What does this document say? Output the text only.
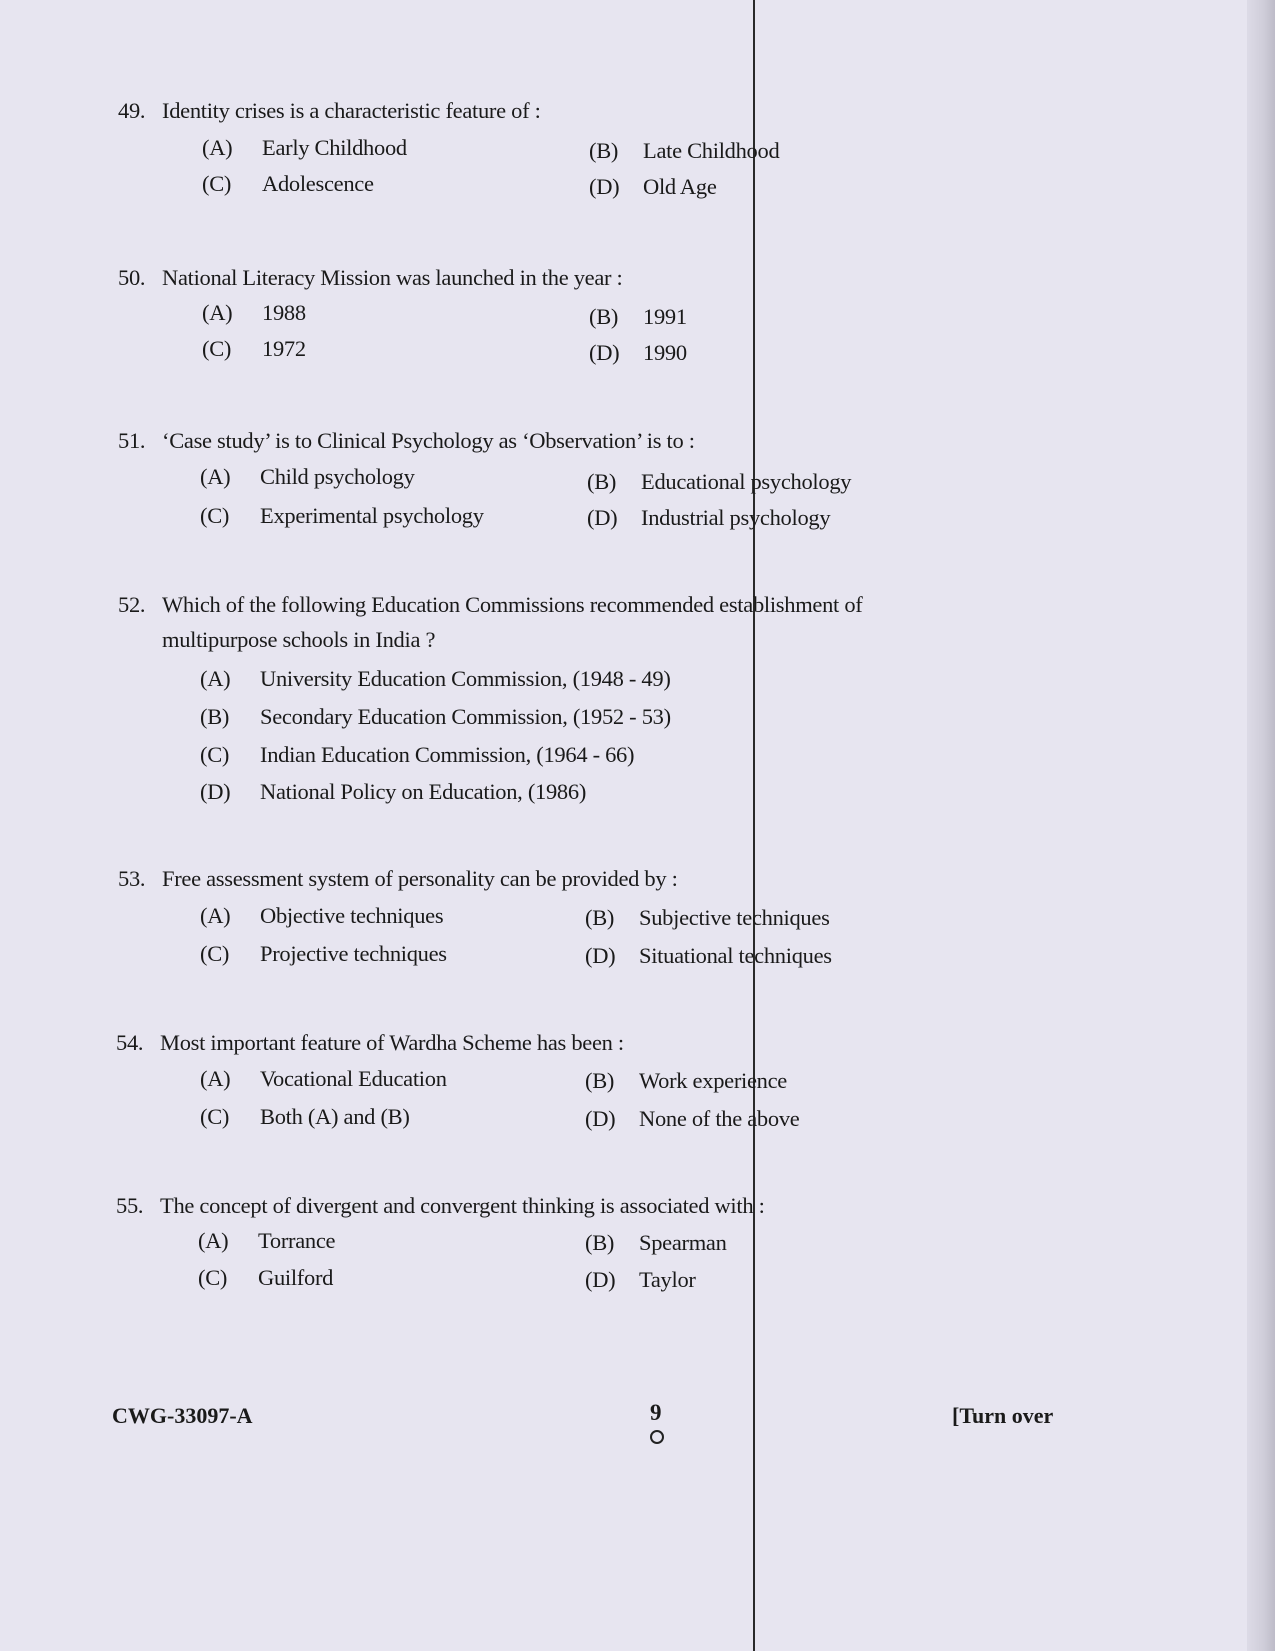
49. Identity crises is a characteristic feature of :
(A) Early Childhood	(B) Late Childhood
(C) Adolescence	(D) Old Age
50. National Literacy Mission was launched in the year :
(A) 1988	(B) 1991
(C) 1972	(D) 1990
51. ‘Case study’ is to Clinical Psychology as ‘Observation’ is to :
(A) Child psychology	(B) Educational psychology
(C) Experimental psychology	(D) Industrial psychology
52. Which of the following Education Commissions recommended establishment of
multipurpose schools in India ?
(A) University Education Commission, (1948 - 49)
(B) Secondary Education Commission, (1952 - 53)
(C) Indian Education Commission, (1964 - 66)
(D) National Policy on Education, (1986)
53. Free assessment system of personality can be provided by :
(A) Objective techniques	(B) Subjective techniques
(C) Projective techniques	(D) Situational techniques
54. Most important feature of Wardha Scheme has been :
(A) Vocational Education	(B) Work experience
(C) Both (A) and (B)	(D) None of the above
55. The concept of divergent and convergent thinking is associated with :
(A) Torrance	(B) Spearman
(C) Guilford	(D) Taylor
CWG-33097-A	9	[Turn over
